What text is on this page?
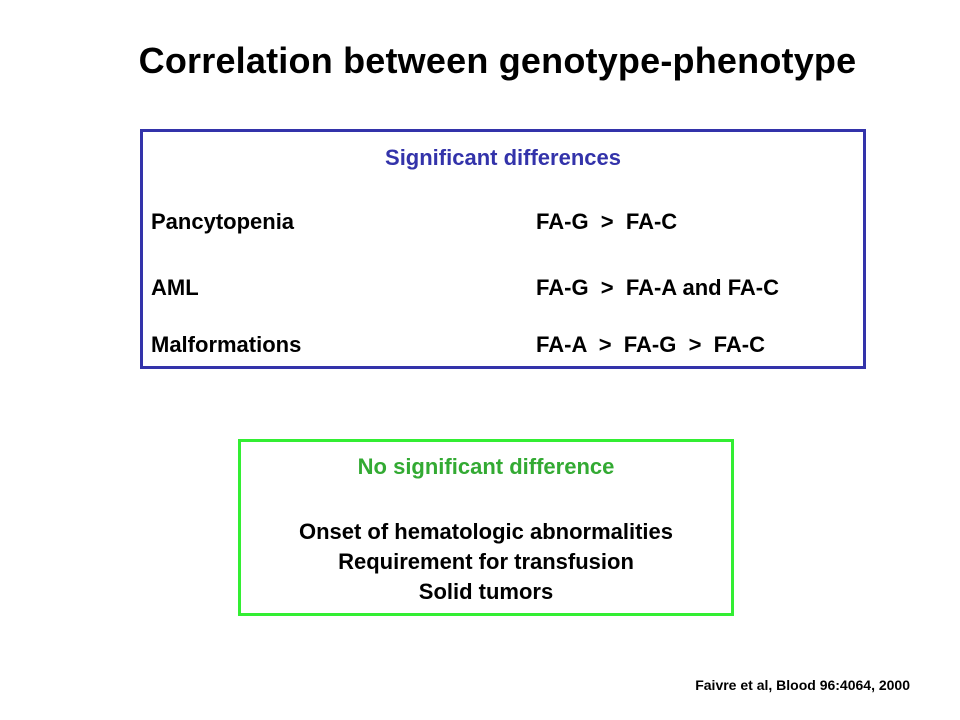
Correlation between genotype-phenotype
Significant differences
Pancytopenia	FA-G  >  FA-C
AML	FA-G  >  FA-A and FA-C
Malformations	FA-A  >  FA-G  >  FA-C
No significant difference
Onset of hematologic abnormalities
Requirement for transfusion
Solid tumors
Faivre et al, Blood 96:4064, 2000
